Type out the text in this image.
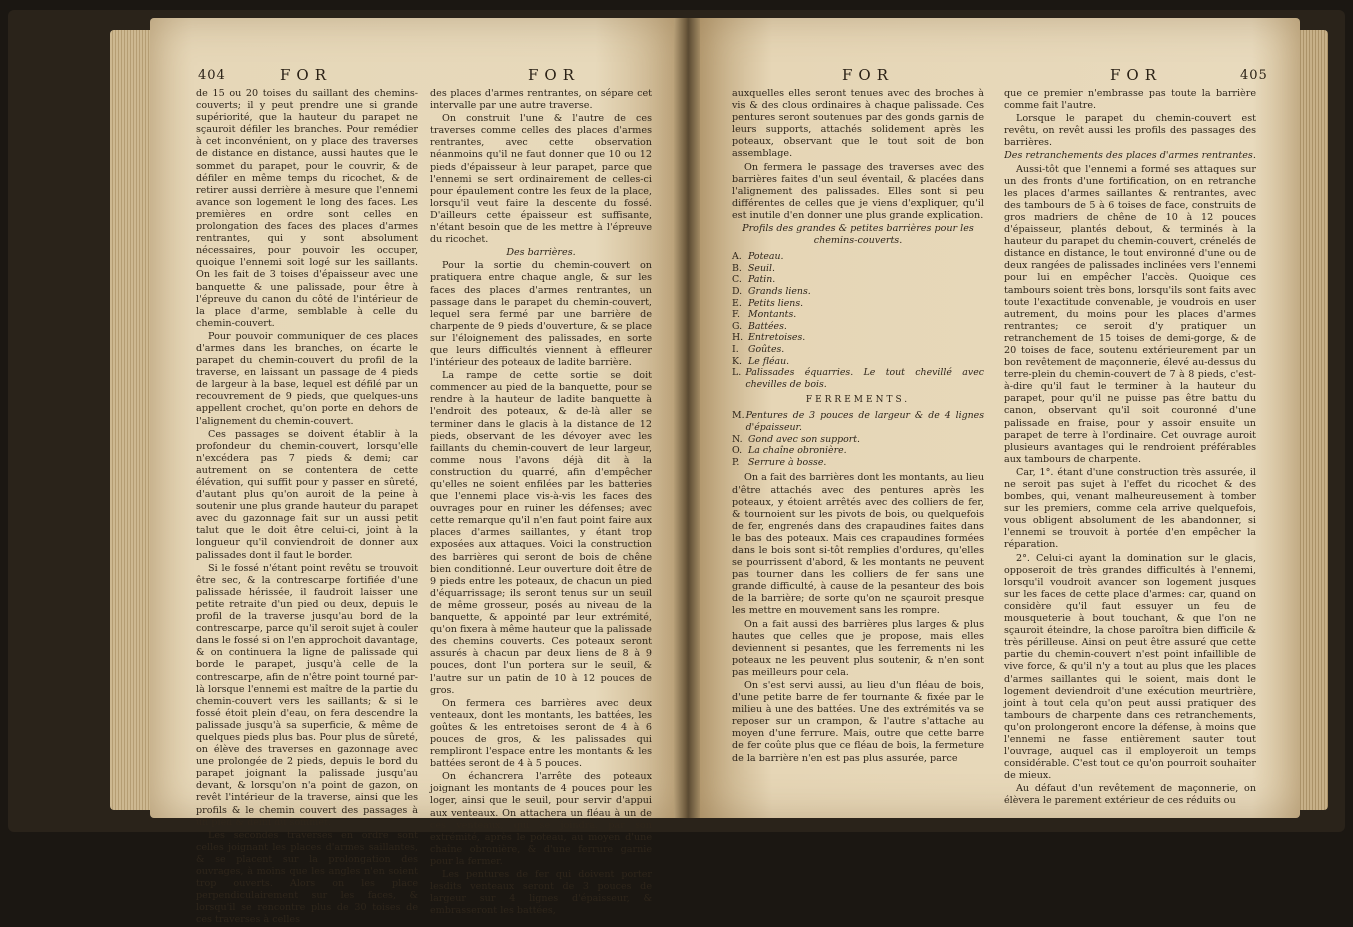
404	FOR	FOR

de 15 ou 20 toises du saillant des chemins-couverts; il y peut prendre une si grande supériorité, que la hauteur du parapet ne sçauroit défiler les branches. Pour remédier à cet inconvénient, on y place des traverses de distance en distance, aussi hautes que le sommet du parapet, pour le couvrir, & de défiler en même temps du ricochet, & de retirer aussi derrière à mesure que l'ennemi avance son logement le long des faces. Les premières en ordre sont celles en prolongation des faces des places d'armes rentrantes, qui y sont absolument nécessaires, pour pouvoir les occuper, quoique l'ennemi soit logé sur les saillants. On les fait de 3 toises d'épaisseur avec une banquette & une palissade, pour être à l'épreuve du canon du côté de l'intérieur de la place d'arme, semblable à celle du chemin-couvert.

Pour pouvoir communiquer de ces places d'armes dans les branches, on écarte le parapet du chemin-couvert du profil de la traverse, en laissant un passage de 4 pieds de largeur à la base, lequel est défilé par un recouvrement de 9 pieds, que quelques-uns appellent crochet, qu'on porte en dehors de l'alignement du chemin-couvert.

Ces passages se doivent établir à la profondeur du chemin-couvert, lorsqu'elle n'excédera pas 7 pieds & demi; car autrement on se contentera de cette élévation, qui suffit pour y passer en sûreté, d'autant plus qu'on auroit de la peine à soutenir une plus grande hauteur du parapet avec du gazonnage fait sur un aussi petit talut que le doit être celui-ci, joint à la longueur qu'il conviendroit de donner aux palissades dont il faut le border.

Si le fossé n'étant point revêtu se trouvoit être sec, & la contrescarpe fortifiée d'une palissade hérissée, il faudroit laisser une petite retraite d'un pied ou deux, depuis le profil de la traverse jusqu'au bord de la contrescarpe, parce qu'il seroit sujet à couler dans le fossé si on l'en approchoit davantage, & on continuera la ligne de palissade qui borde le parapet, jusqu'à celle de la contrescarpe, afin de n'être point tourné par-là lorsque l'ennemi est maître de la partie du chemin-couvert vers les saillants; & si le fossé étoit plein d'eau, on fera descendre la palissade jusqu'à sa superficie, & même de quelques pieds plus bas. Pour plus de sûreté, on élève des traverses en gazonnage avec une prolongée de 2 pieds, depuis le bord du parapet joignant la palissade jusqu'au devant, & lorsqu'on n'a point de gazon, on revêt l'intérieur de la traverse, ainsi que les profils & le chemin couvert des passages à un pied & demi du sommet.

Les secondes traverses en ordre sont celles joignant les places d'armes saillantes, & se placent sur la prolongation des ouvrages, à moins que les angles n'en soient trop ouverts. Alors on les place perpendiculairement sur les faces, & lorsqu'il se rencontre plus de 30 toises de ces traverses à celles

des places d'armes rentrantes, on sépare cet intervalle par une autre traverse.

On construit l'une & l'autre de ces traverses comme celles des places d'armes rentrantes, avec cette observation néanmoins qu'il ne faut donner que 10 ou 12 pieds d'épaisseur à leur parapet, parce que l'ennemi se sert ordinairement de celles-ci pour épaulement contre les feux de la place, lorsqu'il veut faire la descente du fossé. D'ailleurs cette épaisseur est suffisante, n'étant besoin que de les mettre à l'épreuve du ricochet.

Des barrières.

Pour la sortie du chemin-couvert on pratiquera entre chaque angle, & sur les faces des places d'armes rentrantes, un passage dans le parapet du chemin-couvert, lequel sera fermé par une barrière de charpente de 9 pieds d'ouverture, & se place sur l'éloignement des palissades, en sorte que leurs difficultés viennent à effleurer l'intérieur des poteaux de ladite barrière.

La rampe de cette sortie se doit commencer au pied de la banquette, pour se rendre à la hauteur de ladite banquette à l'endroit des poteaux, & de-là aller se terminer dans le glacis à la distance de 12 pieds, observant de les dévoyer avec les faillants du chemin-couvert de leur largeur, comme nous l'avons déjà dit à la construction du quarré, afin d'empêcher qu'elles ne soient enfilées par les batteries que l'ennemi place vis-à-vis les faces des ouvrages pour en ruiner les défenses; avec cette remarque qu'il n'en faut point faire aux places d'armes saillantes, y étant trop exposées aux attaques. Voici la construction des barrières qui seront de bois de chêne bien conditionné. Leur ouverture doit être de 9 pieds entre les poteaux, de chacun un pied d'équarrissage; ils seront tenus sur un seuil de même grosseur, posés au niveau de la banquette, & appointé par leur extrémité, qu'on fixera à même hauteur que la palissade des chemins couverts. Ces poteaux seront assurés à chacun par deux liens de 8 à 9 pouces, dont l'un portera sur le seuil, & l'autre sur un patin de 10 à 12 pouces de gros.

On fermera ces barrières avec deux venteaux, dont les montants, les battées, les goûtes & les entretoises seront de 4 à 6 pouces de gros, & les palissades qui rempliront l'espace entre les montants & les battées seront de 4 à 5 pouces.

On échancrera l'arrête des poteaux joignant les montants de 4 pouces pour les loger, ainsi que le seuil, pour servir d'appui aux venteaux. On attachera un fléau à un de ces venteaux, qui se joindra, par son extrémité, après le poteau, au moyen d'une chaîne obronière, & d'une ferrure garnie pour la fermer.

Les pentures de fer qui doivent porter lesdits venteaux seront de 3 pouces de largeur sur 4 lignes d'épaisseur, & embrasseront les battées,

FOR	FOR	405

auxquelles elles seront tenues avec des broches à vis & des clous ordinaires à chaque palissade. Ces pentures seront soutenues par des gonds garnis de leurs supports, attachés solidement après les poteaux, observant que le tout soit de bon assemblage.

On fermera le passage des traverses avec des barrières faites d'un seul éventail, & placées dans l'alignement des palissades. Elles sont si peu différentes de celles que je viens d'expliquer, qu'il est inutile d'en donner une plus grande explication.

Profils des grandes & petites barrières pour les chemins-couverts.

A. Poteau.
B. Seuil.
C. Patin.
D. Grands liens.
E. Petits liens.
F. Montants.
G. Battées.
H. Entretoises.
I. Goûtes.
K. Le fléau.
L. Palissades équarries. Le tout chevillé avec chevilles de bois.

FERREMENTS.

M. Pentures de 3 pouces de largeur & de 4 lignes d'épaisseur.
N. Gond avec son support.
O. La chaîne obronière.
P. Serrure à bosse.

On a fait des barrières dont les montants, au lieu d'être attachés avec des pentures après les poteaux, y étoient arrêtés avec des colliers de fer, & tournoient sur les pivots de bois, ou quelquefois de fer, engrenés dans des crapaudines faites dans le bas des poteaux. Mais ces crapaudines formées dans le bois sont si-tôt remplies d'ordures, qu'elles se pourrissent d'abord, & les montants ne peuvent pas tourner dans les colliers de fer sans une grande difficulté, à cause de la pesanteur des bois de la barrière; de sorte qu'on ne sçauroit presque les mettre en mouvement sans les rompre.

On a fait aussi des barrières plus larges & plus hautes que celles que je propose, mais elles deviennent si pesantes, que les ferrements ni les poteaux ne les peuvent plus soutenir, & n'en sont pas meilleurs pour cela.

On s'est servi aussi, au lieu d'un fléau de bois, d'une petite barre de fer tournante & fixée par le milieu à une des battées. Une des extrémités va se reposer sur un crampon, & l'autre s'attache au moyen d'une ferrure. Mais, outre que cette barre de fer coûte plus que ce fléau de bois, la fermeture de la barrière n'en est pas plus assurée, parce

que ce premier n'embrasse pas toute la barrière comme fait l'autre.

Lorsque le parapet du chemin-couvert est revêtu, on revêt aussi les profils des passages des barrières.

Des retranchements des places d'armes rentrantes.

Aussi-tôt que l'ennemi a formé ses attaques sur un des fronts d'une fortification, on en retranche les places d'armes saillantes & rentrantes, avec des tambours de 5 à 6 toises de face, construits de gros madriers de chêne de 10 à 12 pouces d'épaisseur, plantés debout, & terminés à la hauteur du parapet du chemin-couvert, crénelés de distance en distance, le tout environné d'une ou de deux rangées de palissades inclinées vers l'ennemi pour lui en empêcher l'accès. Quoique ces tambours soient très bons, lorsqu'ils sont faits avec toute l'exactitude convenable, je voudrois en user autrement, du moins pour les places d'armes rentrantes; ce seroit d'y pratiquer un retranchement de 15 toises de demi-gorge, & de 20 toises de face, soutenu extérieurement par un bon revêtement de maçonnerie, élevé au-dessus du terre-plein du chemin-couvert de 7 à 8 pieds, c'est-à-dire qu'il faut le terminer à la hauteur du parapet, pour qu'il ne puisse pas être battu du canon, observant qu'il soit couronné d'une palissade en fraise, pour y assoir ensuite un parapet de terre à l'ordinaire. Cet ouvrage auroit plusieurs avantages qui le rendroient préférables aux tambours de charpente.

Car, 1°. étant d'une construction très assurée, il ne seroit pas sujet à l'effet du ricochet & des bombes, qui, venant malheureusement à tomber sur les premiers, comme cela arrive quelquefois, vous obligent absolument de les abandonner, si l'ennemi se trouvoit à portée d'en empêcher la réparation.

2°. Celui-ci ayant la domination sur le glacis, opposeroit de très grandes difficultés à l'ennemi, lorsqu'il voudroit avancer son logement jusques sur les faces de cette place d'armes: car, quand on considère qu'il faut essuyer un feu de mousqueterie à bout touchant, & que l'on ne sçauroit éteindre, la chose paroîtra bien difficile & très périlleuse. Ainsi on peut être assuré que cette partie du chemin-couvert n'est point infaillible de vive force, & qu'il n'y a tout au plus que les places d'armes saillantes qui le soient, mais dont le logement deviendroit d'une exécution meurtrière, joint à tout cela qu'on peut aussi pratiquer des tambours de charpente dans ces retranchements, qu'on prolongeront encore la défense, à moins que l'ennemi ne fasse entièrement sauter tout l'ouvrage, auquel cas il employeroit un temps considérable. C'est tout ce qu'on pourroit souhaiter de mieux.

Au défaut d'un revêtement de maçonnerie, on élèvera le parement extérieur de ces réduits ou
